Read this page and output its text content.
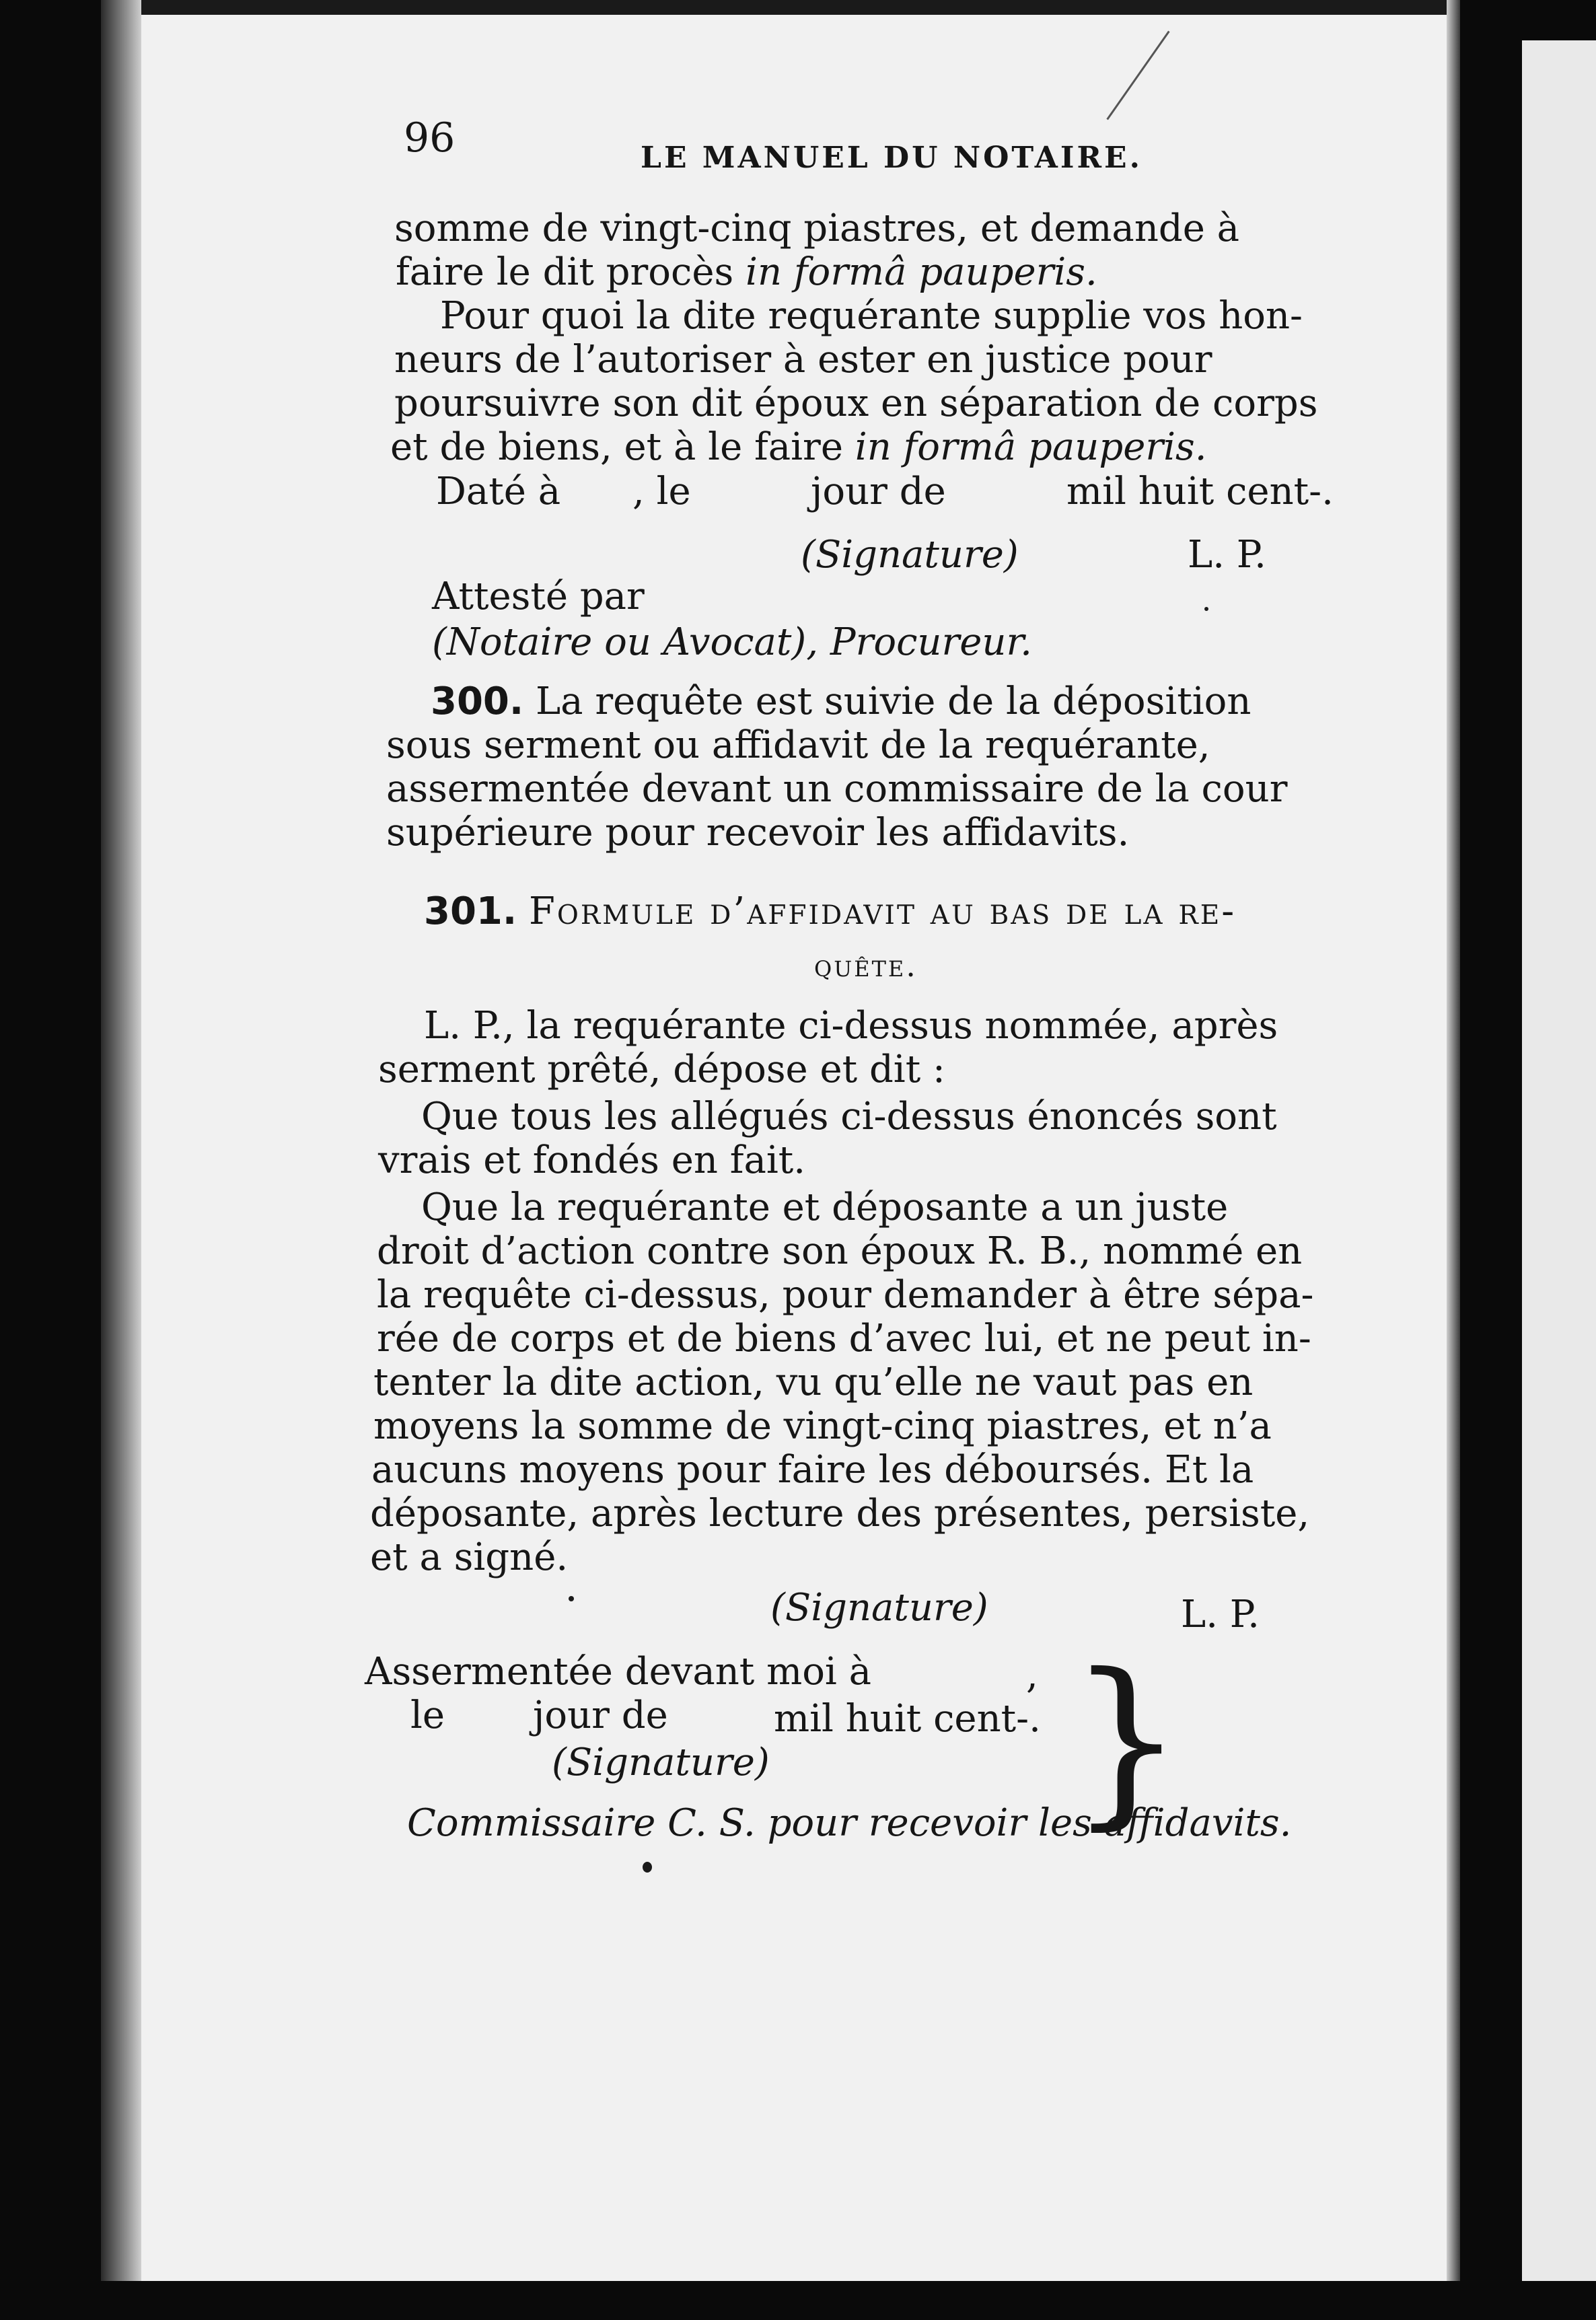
96	LE MANUEL DU NOTAIRE.
somme de vingt-cinq piastres, et demande à
faire le dit procès in formâ pauperis.
Pour quoi la dite requérante supplie vos hon-
neurs de l’autoriser à ester en justice pour
poursuivre son dit époux en séparation de corps
et de biens, et à le faire in formâ pauperis.
Daté à , le	jour de	mil huit cent-.
(Signature)	L. P.
Attesté par
(Notaire ou Avocat), Procureur.
300. La requête est suivie de la déposition
sous serment ou affidavit de la requérante,
assermentée devant un commissaire de la cour
supérieure pour recevoir les affidavits.
301. Formule d’affidavit au bas de la re-
quête.
L. P., la requérante ci-dessus nommée, après
serment prêté, dépose et dit :
Que tous les allégués ci-dessus énoncés sont
vrais et fondés en fait.
Que la requérante et déposante a un juste
droit d’action contre son époux R. B., nommé en
la requête ci-dessus, pour demander à être sépa-
rée de corps et de biens d’avec lui, et ne peut in-
tenter la dite action, vu qu’elle ne vaut pas en
moyens la somme de vingt-cinq piastres, et n’a
aucuns moyens pour faire les déboursés. Et la
déposante, après lecture des présentes, persiste,
et a signé.
(Signature)	L. P.
Assermentée devant moi à	,
le jour de	mil huit cent-.
(Signature) }
Commissaire C. S. pour recevoir les affidavits.
